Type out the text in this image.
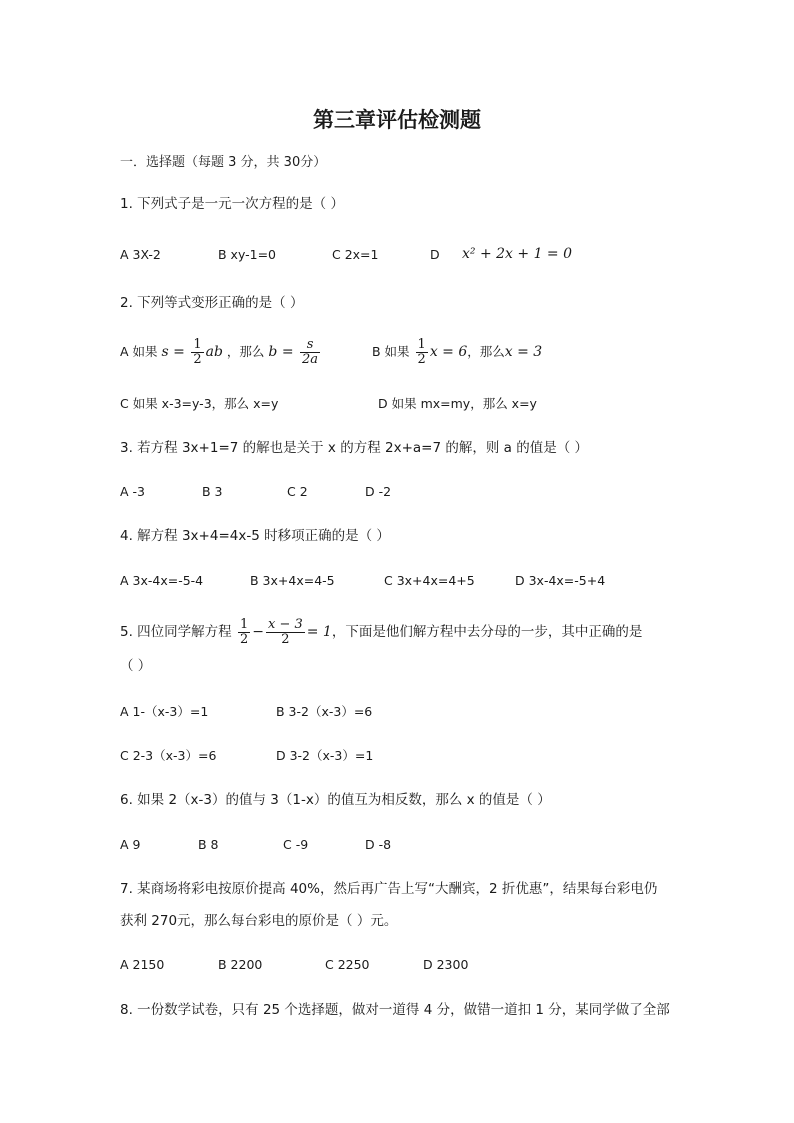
第三章评估检测题
一．选择题（每题 3 分，共 30分）
1. 下列式子是一元一次方程的是（ ）
A 3X-2	B xy-1=0	C 2x=1	D x² + 2x + 1 = 0
2. 下列等式变形正确的是（ ）
A 如果 $s = \frac{1}{2}$ ab ，那么 $b = \frac{s}{2a}$	B 如果 $\frac{1}{2}$ x = 6，那么x = 3
C 如果 x-3=y-3，那么 x=y	D 如果 mx=my，那么 x=y
3. 若方程 3x+1=7 的解也是关于 x 的方程 2x+a=7 的解，则 a 的值是（ ）
A -3	B 3	C 2	D -2
4. 解方程 3x+4=4x-5 时移项正确的是（ ）
A 3x-4x=-5-4	B 3x+4x=4-5	C 3x+4x=4+5	D 3x-4x=-5+4
5. 四位同学解方程 $\frac{1}{2} - \frac{x - 3}{2} = 1$，下面是他们解方程中去分母的一步，其中正确的是
（ ）
A 1-（x-3）=1	B 3-2（x-3）=6
C 2-3（x-3）=6	D 3-2（x-3）=1
6. 如果 2（x-3）的值与 3（1-x）的值互为相反数，那么 x 的值是（ ）
A 9	B 8	C -9	D -8
7. 某商场将彩电按原价提高 40%，然后再广告上写“大酬宾，2 折优惠”，结果每台彩电仍
获利 270元，那么每台彩电的原价是（ ）元。
A 2150	B 2200	C 2250	D 2300
8. 一份数学试卷，只有 25 个选择题，做对一道得 4 分，做错一道扣 1 分，某同学做了全部
